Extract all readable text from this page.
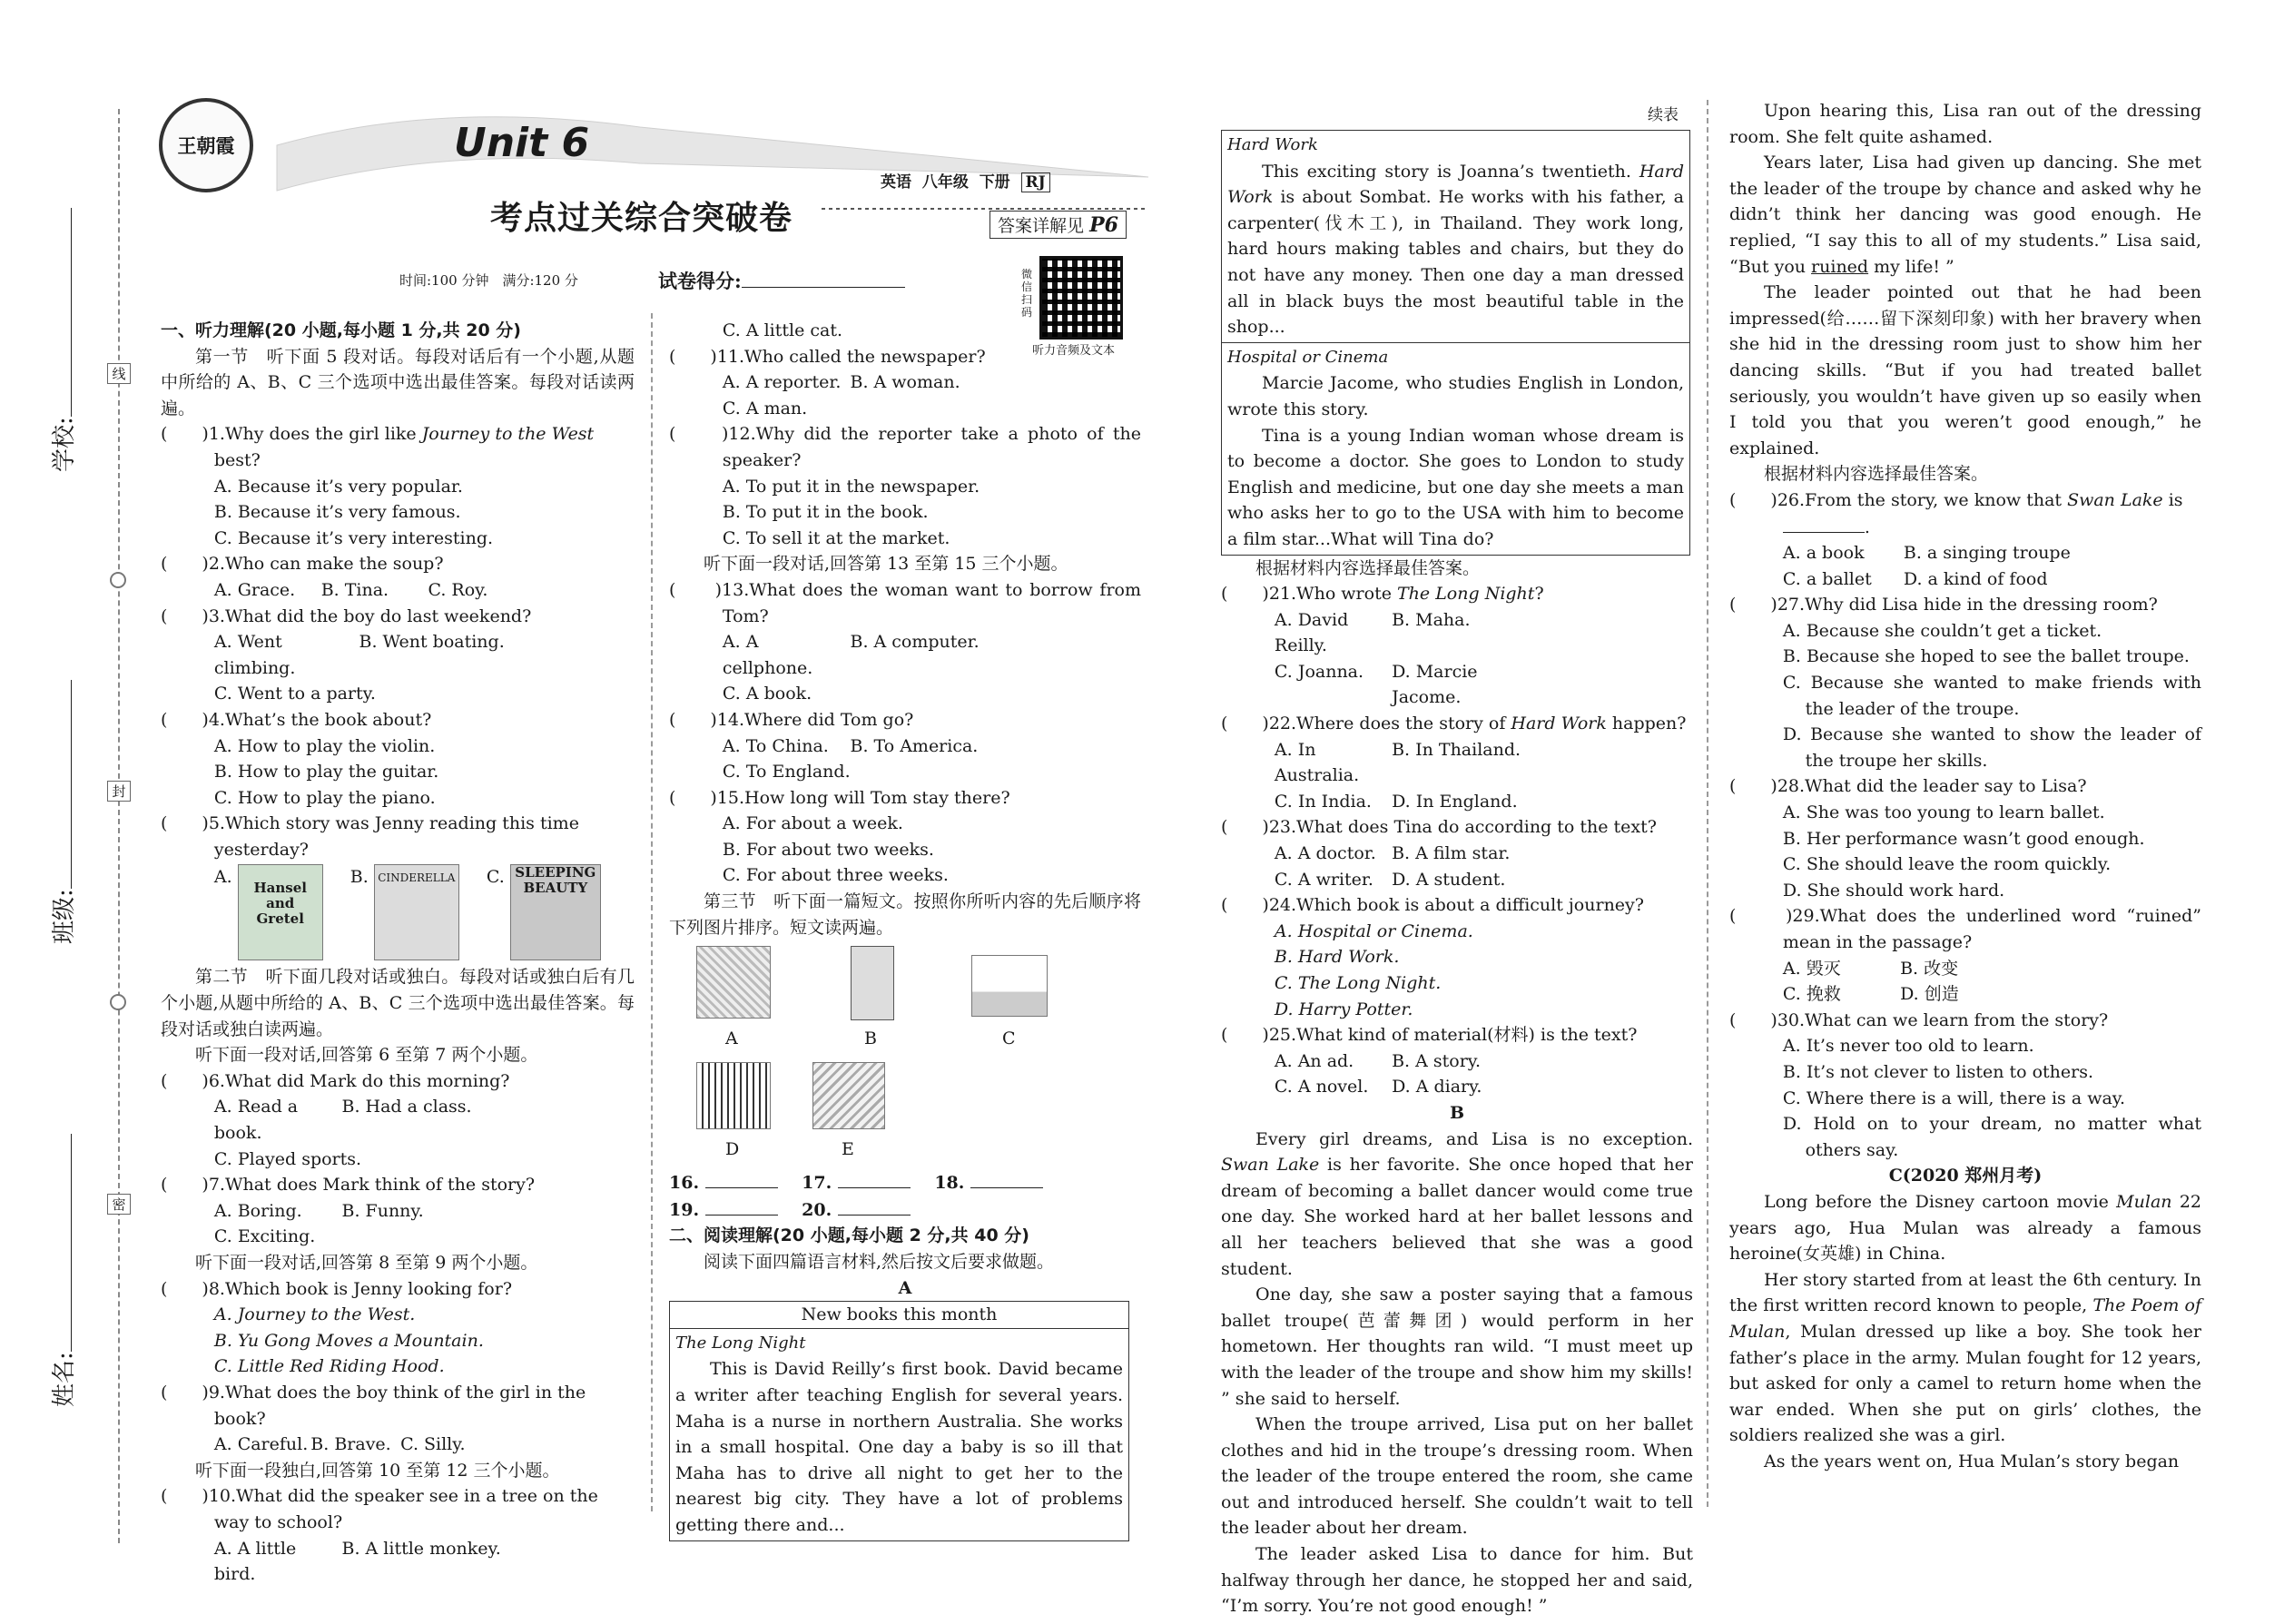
线
封
密
学校:
班级:
姓名:
王朝霞	Unit 6
考点过关综合突破卷
英语 八年级 下册 RJ
答案详解见 P6
时间:100 分钟　满分:120 分	试卷得分:	微信扫码
听力音频及文本
续表

一、听力理解(20 小题,每小题 1 分,共 20 分)

第一节　听下面 5 段对话。每段对话后有一个小题,从题中所给的 A、B、C 三个选项中选出最佳答案。每段对话读两遍。

(　　)1.Why does the girl like Journey to the West best?

A. Because it’s very popular.

B. Because it’s very famous.

C. Because it’s very interesting.

(　　)2.Who can make the soup?

A. Grace.	B. Tina.	C. Roy.

(　　)3.What did the boy do last weekend?

A. Went climbing.
B. Went boating.

C. Went to a party.

(　　)4.What’s the book about?

A. How to play the violin.

B. How to play the guitar.

C. How to play the piano.

(　　)5.Which story was Jenny reading this time yesterday?

A.
Hansel
and
Gretel B. CINDERELLA C. SLEEPING
BEAUTY

第二节　听下面几段对话或独白。每段对话或独白后有几个小题,从题中所给的 A、B、C 三个选项中选出最佳答案。每段对话或独白读两遍。

听下面一段对话,回答第 6 至第 7 两个小题。

(　　)6.What did Mark do this morning?

A. Read a book.
B. Had a class.

C. Played sports.

(　　)7.What does Mark think of the story?

A. Boring.	B. Funny.

C. Exciting.

听下面一段对话,回答第 8 至第 9 两个小题。

(　　)8.Which book is Jenny looking for?

A. Journey to the West.

B. Yu Gong Moves a Mountain.

C. Little Red Riding Hood.

(　　)9.What does the boy think of the girl in the book?

A. Careful. B. Brave. C. Silly.

听下面一段独白,回答第 10 至第 12 三个小题。

(　　)10.What did the speaker see in a tree on the way to school?

A. A little bird.
B. A little monkey.

C. A little cat.

(　　)11.Who called the newspaper?

A. A reporter. B. A woman.

C. A man.

(　　)12.Why did the reporter take a photo of the speaker?

A. To put it in the newspaper.

B. To put it in the book.

C. To sell it at the market.

听下面一段对话,回答第 13 至第 15 三个小题。

(　　)13.What does the woman want to borrow from Tom?

A. A cellphone.
B. A computer.

C. A book.

(　　)14.Where did Tom go?

A. To China.	B. To America.

C. To England.

(　　)15.How long will Tom stay there?

A. For about a week.

B. For about two weeks.

C. For about three weeks.

第三节　听下面一篇短文。按照你所听内容的先后顺序将下列图片排序。短文读两遍。

A	B	C
D	E

16.	17.	18.

19.	20.

二、阅读理解(20 小题,每小题 2 分,共 40 分)

阅读下面四篇语言材料,然后按文后要求做题。

A

New books this month

The Long Night

This is David Reilly’s first book. David became a writer after teaching English for several years. Maha is a nurse in northern Australia. She works in a small hospital. One day a baby is so ill that Maha has to drive all night to get her to the nearest big city. They have a lot of problems getting there and...

Hard Work

This exciting story is Joanna’s twentieth. Hard Work is about Sombat. He works with his father, a carpenter(伐木工), in Thailand. They work long, hard hours making tables and chairs, but they do not have any money. Then one day a man dressed all in black buys the most beautiful table in the shop...

Hospital or Cinema

Marcie Jacome, who studies English in London, wrote this story.

Tina is a young Indian woman whose dream is to become a doctor. She goes to London to study English and medicine, but one day she meets a man who asks her to go to the USA with him to become a film star...What will Tina do?

根据材料内容选择最佳答案。

(　　)21.Who wrote The Long Night?

A. David Reilly.
B. Maha.

C. Joanna.	D. Marcie Jacome.

(　　)22.Where does the story of Hard Work happen?

A. In Australia.
B. In Thailand.

C. In India.	D. In England.

(　　)23.What does Tina do according to the text?

A. A doctor. B. A film star.

C. A writer.	D. A student.

(　　)24.Which book is about a difficult journey?

A. Hospital or Cinema.

B. Hard Work.

C. The Long Night.

D. Harry Potter.

(　　)25.What kind of material(材料) is the text?

A. An ad.	B. A story.

C. A novel.	D. A diary.

B

Every girl dreams, and Lisa is no exception. Swan Lake is her favorite. She once hoped that her dream of becoming a ballet dancer would come true one day. She worked hard at her ballet lessons and all her teachers believed that she was a good student.

One day, she saw a poster saying that a famous ballet troupe(芭蕾舞团) would perform in her hometown. Her thoughts ran wild. “I must meet up with the leader of the troupe and show him my skills! ” she said to herself.

When the troupe arrived, Lisa put on her ballet clothes and hid in the troupe’s dressing room. When the leader of the troupe entered the room, she came out and introduced herself. She couldn’t wait to tell the leader about her dream.

The leader asked Lisa to dance for him. But halfway through her dance, he stopped her and said, “I’m sorry. You’re not good enough! ”

Upon hearing this, Lisa ran out of the dressing room. She felt quite ashamed.

Years later, Lisa had given up dancing. She met the leader of the troupe by chance and asked why he didn’t think her dancing was good enough. He replied, “I say this to all of my students.” Lisa said, “But you ruined my life! ”

The leader pointed out that he had been impressed(给……留下深刻印象) with her bravery when she hid in the dressing room just to show him her dancing skills. “But if you had treated ballet seriously, you wouldn’t have given up so easily when I told you that you weren’t good enough,” he explained.

根据材料内容选择最佳答案。

(　　)26.From the story, we know that Swan Lake is
.

A. a book	B. a singing troupe

C. a ballet	D. a kind of food

(　　)27.Why did Lisa hide in the dressing room?

A. Because she couldn’t get a ticket.

B. Because she hoped to see the ballet troupe.

C. Because she wanted to make friends with the leader of the troupe.

D. Because she wanted to show the leader of the troupe her skills.

(　　)28.What did the leader say to Lisa?

A. She was too young to learn ballet.

B. Her performance wasn’t good enough.

C. She should leave the room quickly.

D. She should work hard.

(　　)29.What does the underlined word “ruined” mean in the passage?

A. 毁灭	B. 改变

C. 挽救	D. 创造

(　　)30.What can we learn from the story?

A. It’s never too old to learn.

B. It’s not clever to listen to others.

C. Where there is a will, there is a way.

D. Hold on to your dream, no matter what others say.

C(2020 郑州月考)

Long before the Disney cartoon movie Mulan 22 years ago, Hua Mulan was already a famous heroine(女英雄) in China.

Her story started from at least the 6th century. In the first written record known to people, The Poem of Mulan, Mulan dressed up like a boy. She took her father’s place in the army. Mulan fought for 12 years, but asked for only a camel to return home when the war ended. When she put on girls’ clothes, the soldiers realized she was a girl.

As the years went on, Hua Mulan’s story began
